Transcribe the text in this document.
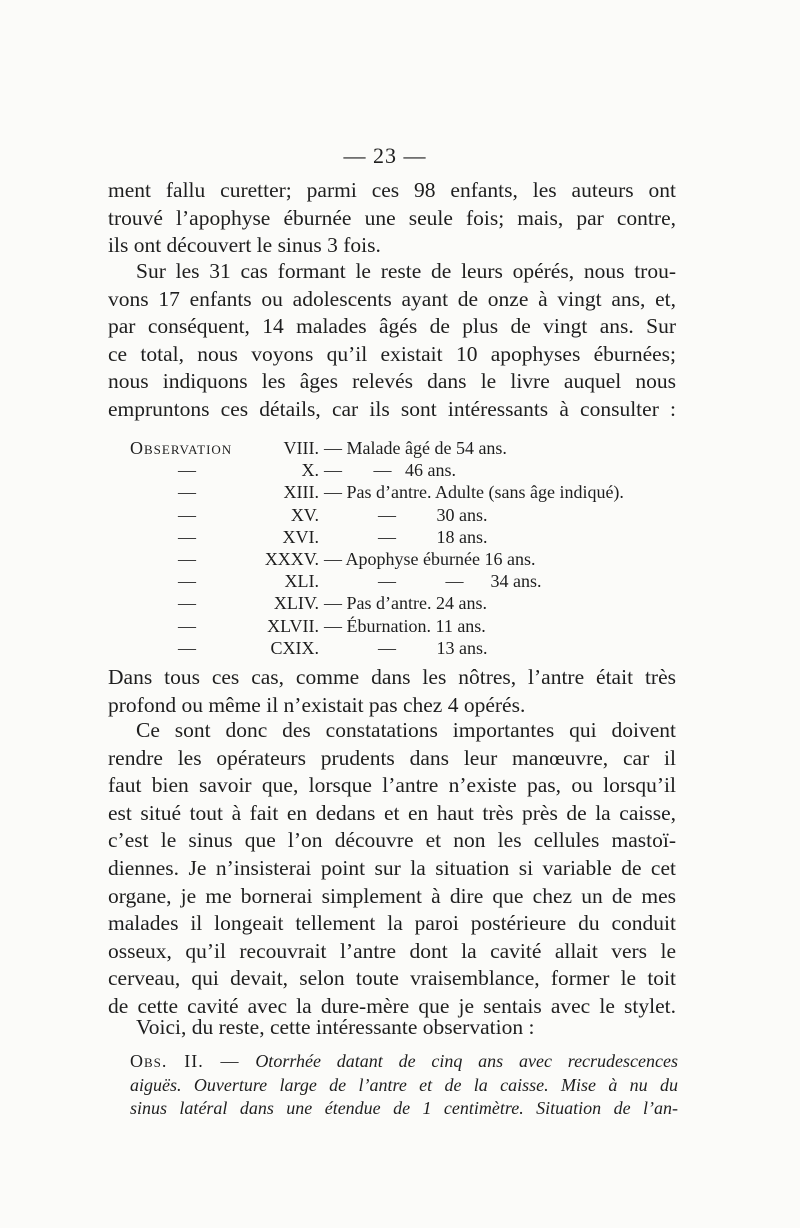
— 23 —

ment fallu curetter; parmi ces 98 enfants, les auteurs ont
trouvé l’apophyse éburnée une seule fois; mais, par contre,
ils ont découvert le sinus 3 fois.

Sur les 31 cas formant le reste de leurs opérés, nous trou-
vons 17 enfants ou adolescents ayant de onze à vingt ans, et,
par conséquent, 14 malades âgés de plus de vingt ans. Sur
ce total, nous voyons qu’il existait 10 apophyses éburnées;
nous indiquons les âges relevés dans le livre auquel nous
empruntons ces détails, car ils sont intéressants à consulter :

Observation	VIII. — Malade âgé de 54 ans.
—	X. —       —   46 ans.
—	XIII. — Pas d’antre. Adulte (sans âge indiqué).
—	XV. —         30 ans.
—	XVI. —         18 ans.
—	XXXV. — Apophyse éburnée 16 ans.
—	XLI. —           —      34 ans.
—	XLIV. — Pas d’antre. 24 ans.
—	XLVII. — Éburnation. 11 ans.
—	CXIX. —         13 ans.

Dans tous ces cas, comme dans les nôtres, l’antre était très
profond ou même il n’existait pas chez 4 opérés.

Ce sont donc des constatations importantes qui doivent
rendre les opérateurs prudents dans leur manœuvre, car il
faut bien savoir que, lorsque l’antre n’existe pas, ou lorsqu’il
est situé tout à fait en dedans et en haut très près de la caisse,
c’est le sinus que l’on découvre et non les cellules mastoï-
diennes. Je n’insisterai point sur la situation si variable de cet
organe, je me bornerai simplement à dire que chez un de mes
malades il longeait tellement la paroi postérieure du conduit
osseux, qu’il recouvrait l’antre dont la cavité allait vers le
cerveau, qui devait, selon toute vraisemblance, former le toit
de cette cavité avec la dure-mère que je sentais avec le stylet.

Voici, du reste, cette intéressante observation :

Obs. II. — Otorrhée datant de cinq ans avec recrudescences
aiguës. Ouverture large de l’antre et de la caisse. Mise à nu du
sinus latéral dans une étendue de 1 centimètre. Situation de l’an-
